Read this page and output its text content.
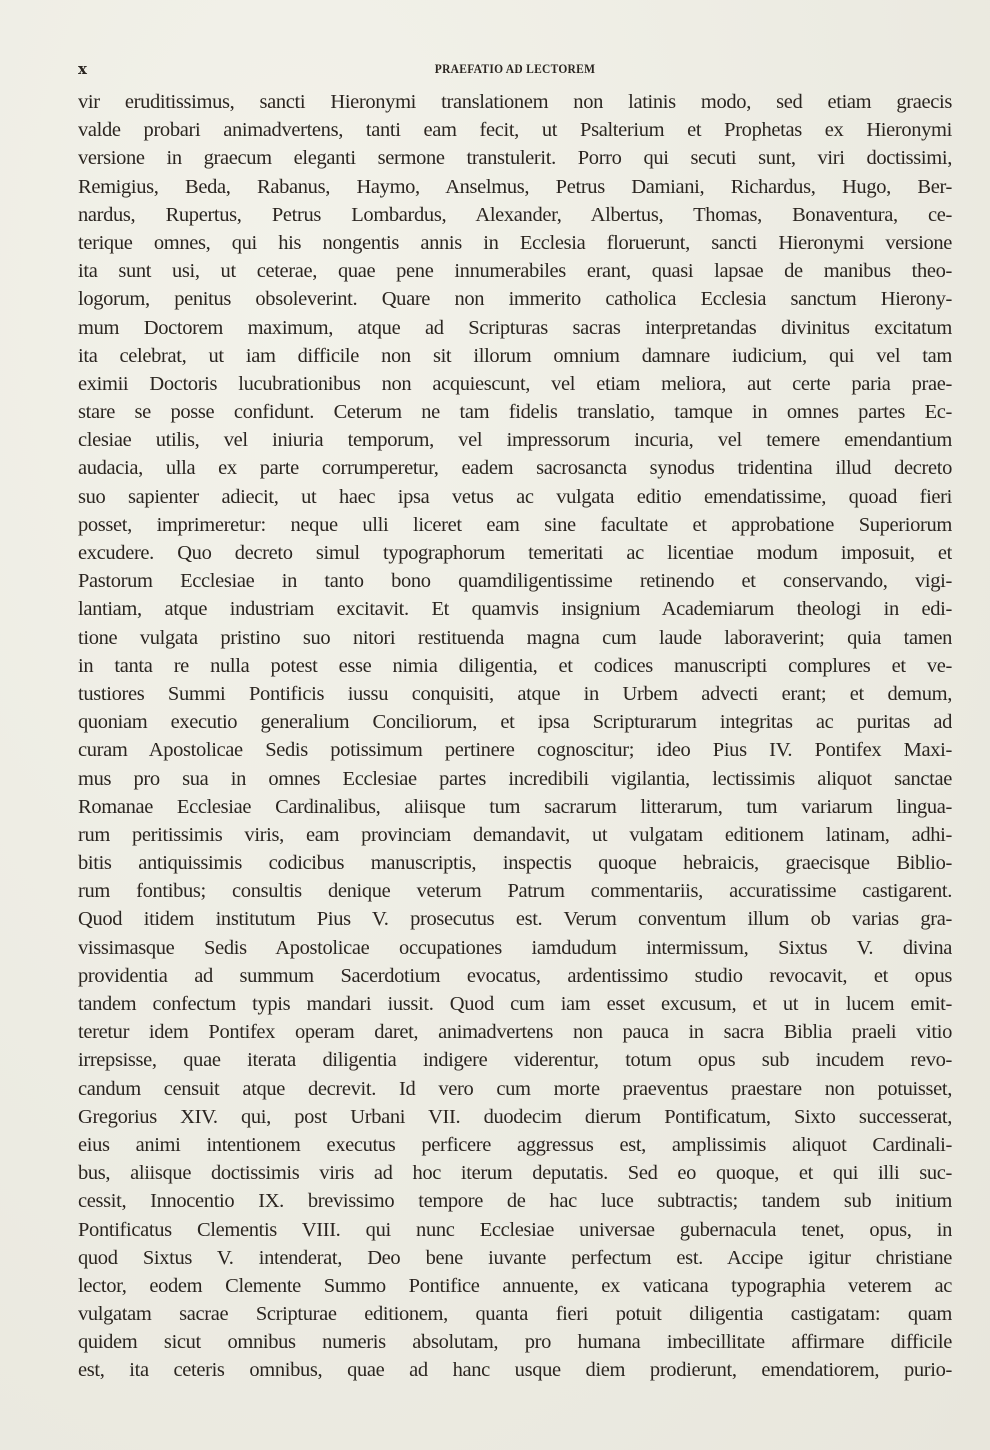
x	PRAEFATIO AD LECTOREM
vir eruditissimus, sancti Hieronymi translationem non latinis modo, sed etiam graecis
valde probari animadvertens, tanti eam fecit, ut Psalterium et Prophetas ex Hieronymi
versione in graecum eleganti sermone transtulerit. Porro qui secuti sunt, viri doctissimi,
Remigius, Beda, Rabanus, Haymo, Anselmus, Petrus Damiani, Richardus, Hugo, Ber-
nardus, Rupertus, Petrus Lombardus, Alexander, Albertus, Thomas, Bonaventura, ce-
terique omnes, qui his nongentis annis in Ecclesia floruerunt, sancti Hieronymi versione
ita sunt usi, ut ceterae, quae pene innumerabiles erant, quasi lapsae de manibus theo-
logorum, penitus obsoleverint. Quare non immerito catholica Ecclesia sanctum Hierony-
mum Doctorem maximum, atque ad Scripturas sacras interpretandas divinitus excitatum
ita celebrat, ut iam difficile non sit illorum omnium damnare iudicium, qui vel tam
eximii Doctoris lucubrationibus non acquiescunt, vel etiam meliora, aut certe paria prae-
stare se posse confidunt. Ceterum ne tam fidelis translatio, tamque in omnes partes Ec-
clesiae utilis, vel iniuria temporum, vel impressorum incuria, vel temere emendantium
audacia, ulla ex parte corrumperetur, eadem sacrosancta synodus tridentina illud decreto
suo sapienter adiecit, ut haec ipsa vetus ac vulgata editio emendatissime, quoad fieri
posset, imprimeretur: neque ulli liceret eam sine facultate et approbatione Superiorum
excudere. Quo decreto simul typographorum temeritati ac licentiae modum imposuit, et
Pastorum Ecclesiae in tanto bono quamdiligentissime retinendo et conservando, vigi-
lantiam, atque industriam excitavit. Et quamvis insignium Academiarum theologi in edi-
tione vulgata pristino suo nitori restituenda magna cum laude laboraverint; quia tamen
in tanta re nulla potest esse nimia diligentia, et codices manuscripti complures et ve-
tustiores Summi Pontificis iussu conquisiti, atque in Urbem advecti erant; et demum,
quoniam executio generalium Conciliorum, et ipsa Scripturarum integritas ac puritas ad
curam Apostolicae Sedis potissimum pertinere cognoscitur; ideo Pius IV. Pontifex Maxi-
mus pro sua in omnes Ecclesiae partes incredibili vigilantia, lectissimis aliquot sanctae
Romanae Ecclesiae Cardinalibus, aliisque tum sacrarum litterarum, tum variarum lingua-
rum peritissimis viris, eam provinciam demandavit, ut vulgatam editionem latinam, adhi-
bitis antiquissimis codicibus manuscriptis, inspectis quoque hebraicis, graecisque Biblio-
rum fontibus; consultis denique veterum Patrum commentariis, accuratissime castigarent.
Quod itidem institutum Pius V. prosecutus est. Verum conventum illum ob varias gra-
vissimasque Sedis Apostolicae occupationes iamdudum intermissum, Sixtus V. divina
providentia ad summum Sacerdotium evocatus, ardentissimo studio revocavit, et opus
tandem confectum typis mandari iussit. Quod cum iam esset excusum, et ut in lucem emit-
teretur idem Pontifex operam daret, animadvertens non pauca in sacra Biblia praeli vitio
irrepsisse, quae iterata diligentia indigere viderentur, totum opus sub incudem revo-
candum censuit atque decrevit. Id vero cum morte praeventus praestare non potuisset,
Gregorius XIV. qui, post Urbani VII. duodecim dierum Pontificatum, Sixto successerat,
eius animi intentionem executus perficere aggressus est, amplissimis aliquot Cardinali-
bus, aliisque doctissimis viris ad hoc iterum deputatis. Sed eo quoque, et qui illi suc-
cessit, Innocentio IX. brevissimo tempore de hac luce subtractis; tandem sub initium
Pontificatus Clementis VIII. qui nunc Ecclesiae universae gubernacula tenet, opus, in
quod Sixtus V. intenderat, Deo bene iuvante perfectum est. Accipe igitur christiane
lector, eodem Clemente Summo Pontifice annuente, ex vaticana typographia veterem ac
vulgatam sacrae Scripturae editionem, quanta fieri potuit diligentia castigatam: quam
quidem sicut omnibus numeris absolutam, pro humana imbecillitate affirmare difficile
est, ita ceteris omnibus, quae ad hanc usque diem prodierunt, emendatiorem, purio-
